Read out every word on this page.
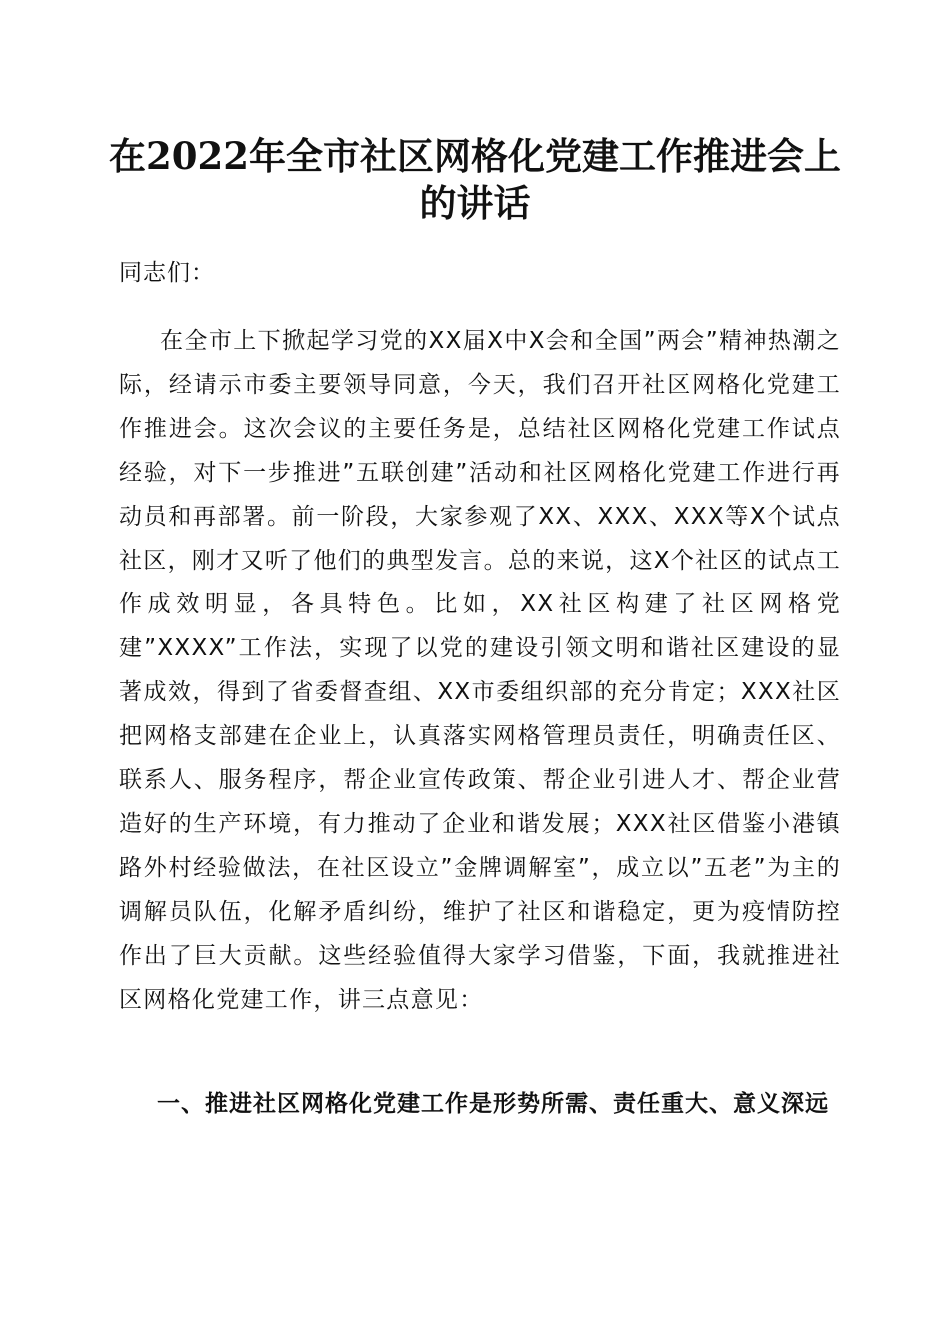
在2022年全市社区网格化党建工作推进会上
的讲话

同志们：

在全市上下掀起学习党的XX届X中X会和全国”两会”精神热潮之际，经请示市委主要领导同意，今天，我们召开社区网格化党建工作推进会。这次会议的主要任务是，总结社区网格化党建工作试点经验，对下一步推进”五联创建”活动和社区网格化党建工作进行再动员和再部署。前一阶段，大家参观了XX、XXX、XXX等X个试点社区，刚才又听了他们的典型发言。总的来说，这X个社区的试点工作成效明显，各具特色。比如，XX社区构建了社区网格党建”XXXX”工作法，实现了以党的建设引领文明和谐社区建设的显著成效，得到了省委督查组、XX市委组织部的充分肯定；XXX社区把网格支部建在企业上，认真落实网格管理员责任，明确责任区、联系人、服务程序，帮企业宣传政策、帮企业引进人才、帮企业营造好的生产环境，有力推动了企业和谐发展；XXX社区借鉴小港镇路外村经验做法，在社区设立”金牌调解室”，成立以”五老”为主的调解员队伍，化解矛盾纠纷，维护了社区和谐稳定，更为疫情防控作出了巨大贡献。这些经验值得大家学习借鉴，下面，我就推进社区网格化党建工作，讲三点意见：

一、推进社区网格化党建工作是形势所需、责任重大、意义深远
